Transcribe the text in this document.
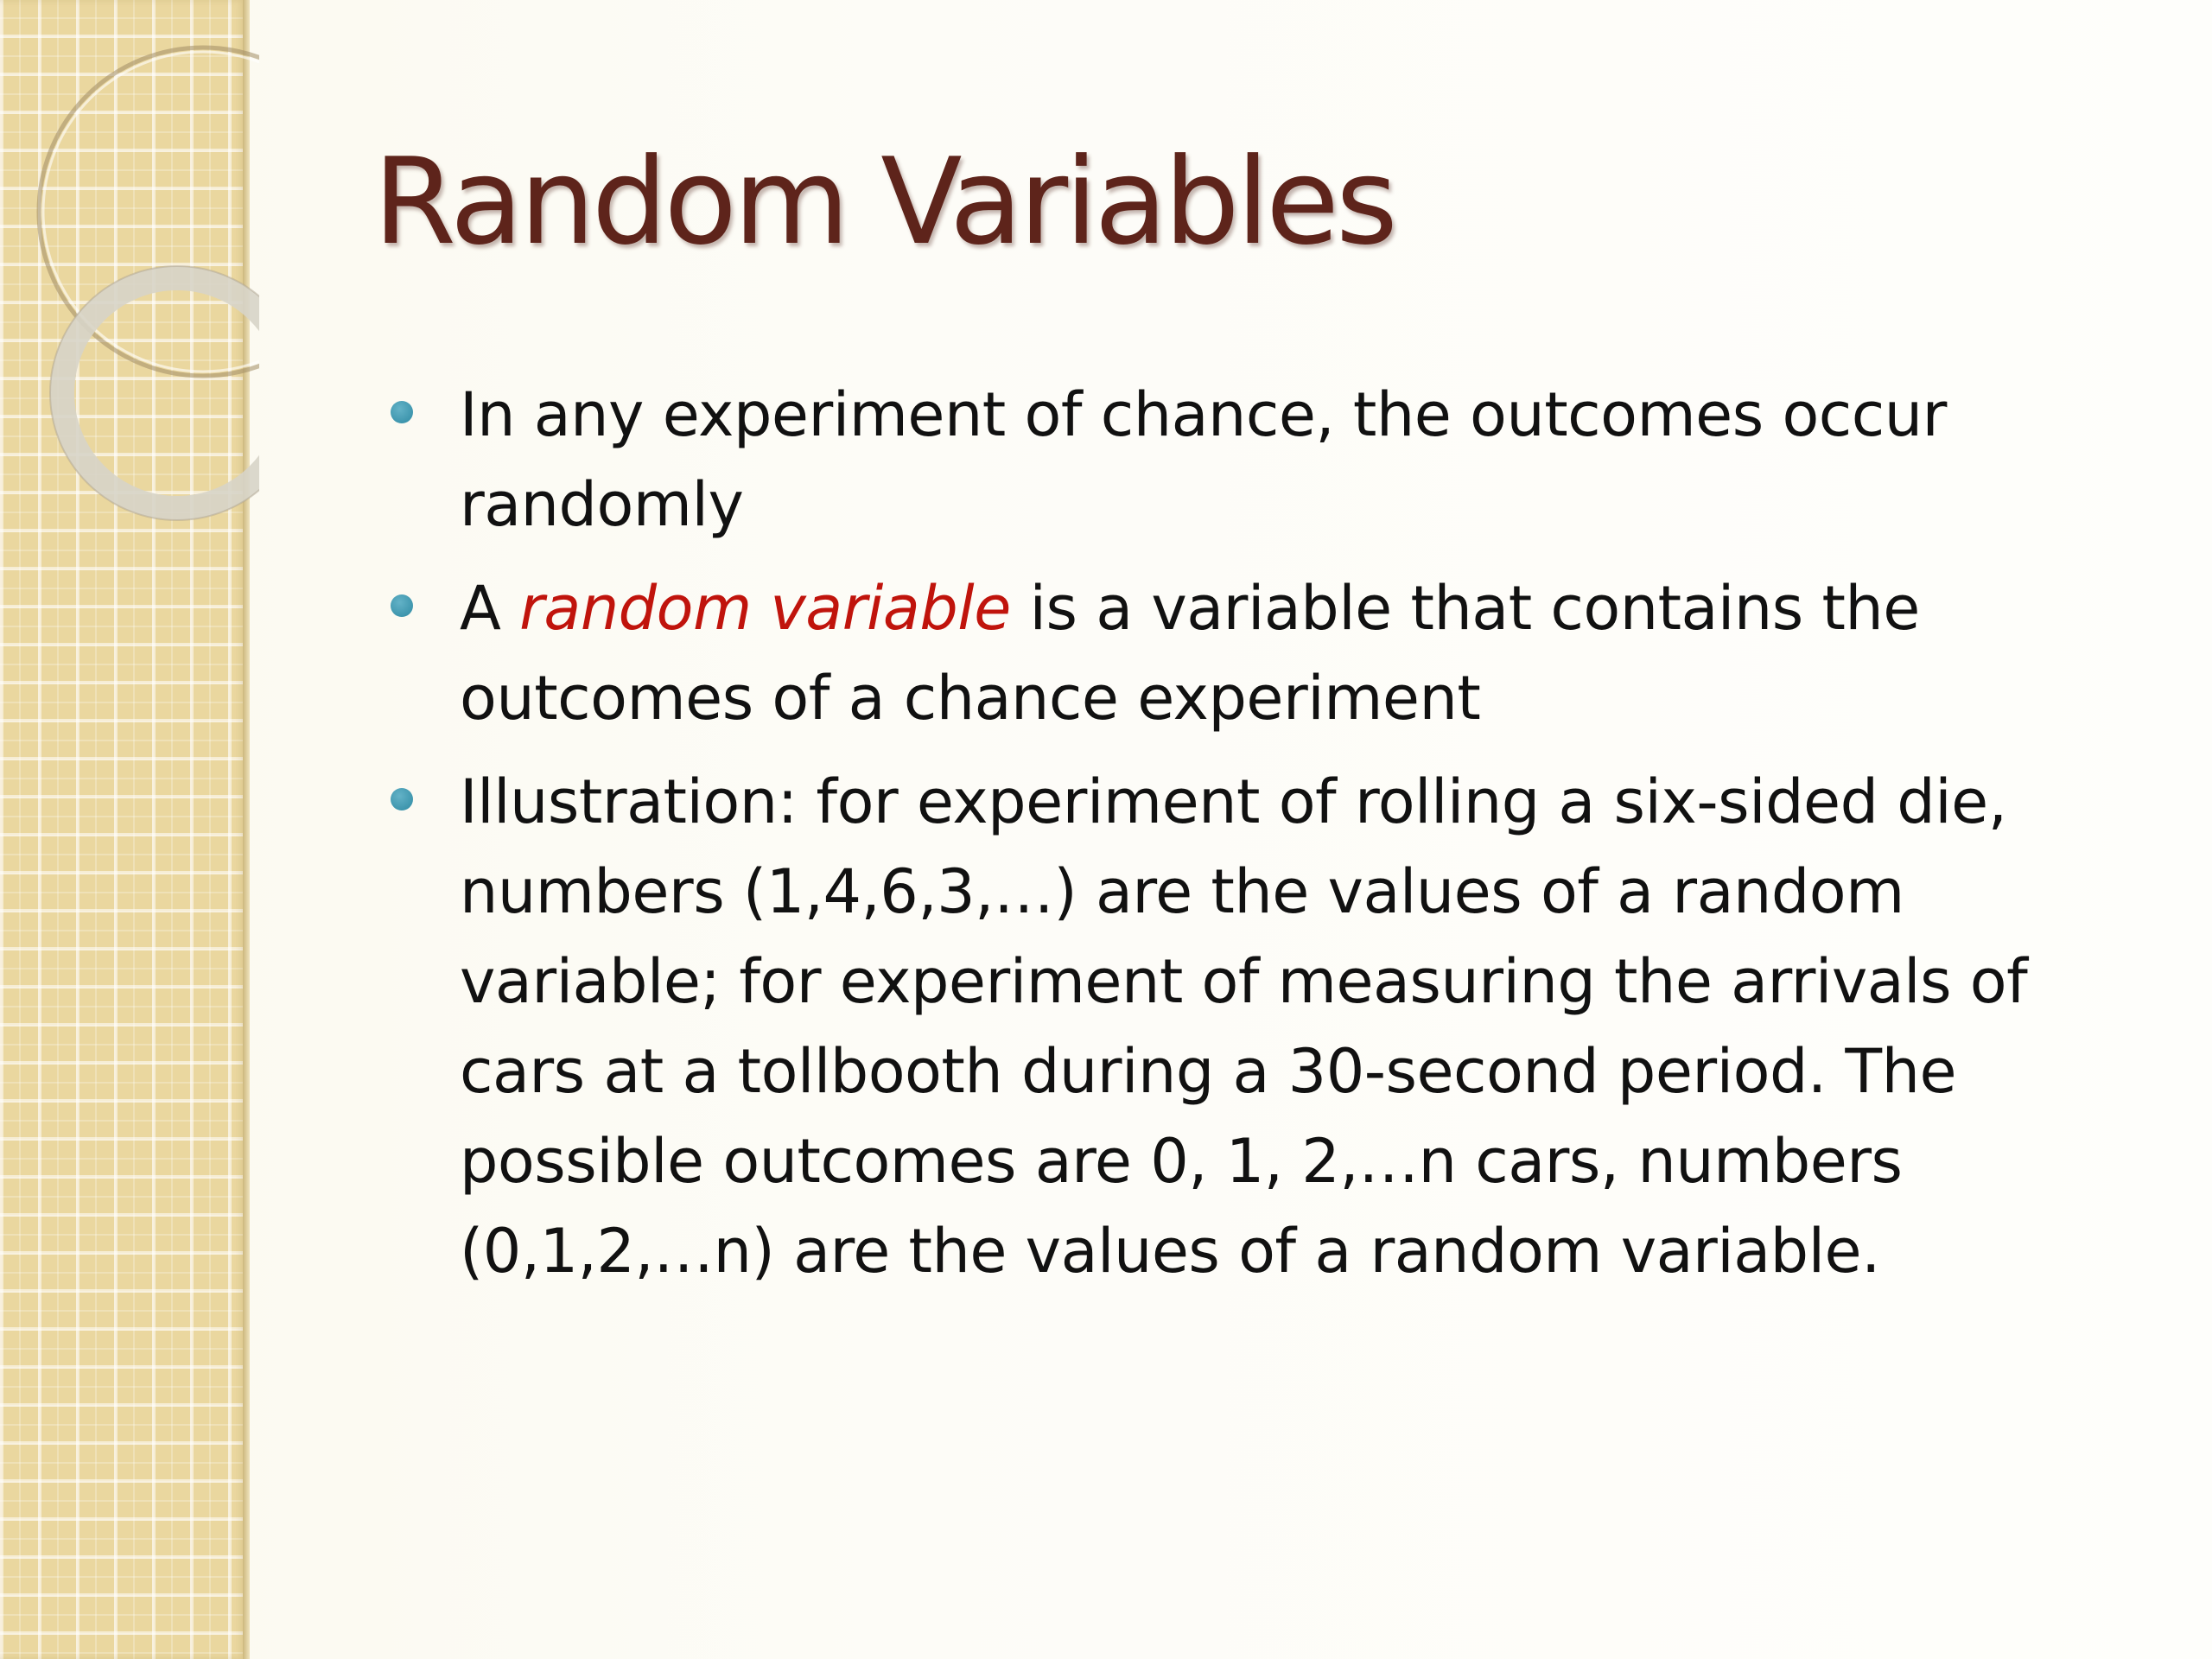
Random Variables
In any experiment of chance, the outcomes occur randomly
A random variable is a variable that contains the outcomes of a chance experiment
Illustration: for experiment of rolling a six-sided die, numbers (1,4,6,3,…) are the values of a random variable; for experiment of measuring the arrivals of cars at a tollbooth during a 30-second period. The possible outcomes are 0, 1, 2,…n cars, numbers (0,1,2,…n) are the values of a random variable.
